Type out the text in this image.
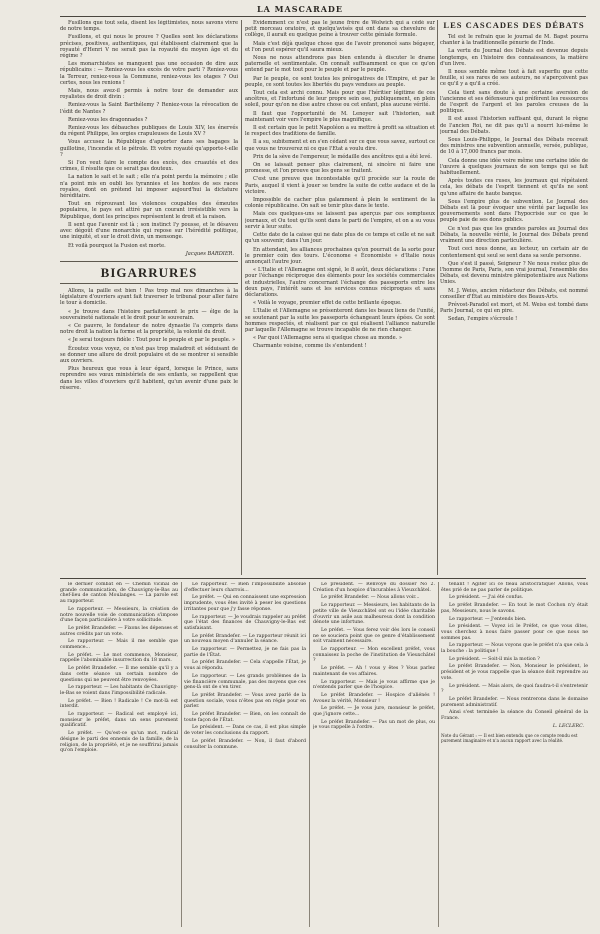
LA MASCARADE

Fusillons que tout sela, disent les légitimistes, nous savons vivre de notre temps.

Fusillons, et qui nous le prouve ? Quelles sont les déclarations précises, positives, authentiques, qui établissent clairement que la royauté d'Henri V ne serait pas la royauté du moyen âge et du régime ?

Les monarchistes se manquent pas une occasion de dire aux républicains : — Reniez-vous les excès de votre parti ? Reniez-vous la Terreur, reniez-vous la Commune, reniez-vous les otages ? Oui certes, nous les renions !

Mais, nous avez-il permis à notre tour de demander aux royalistes de droit divin :

Reniez-vous la Saint Barthélemy ? Reniez-vous la révocation de l'édit de Nantes ?

Reniez-vous les dragonnades ?

Reniez-vous les débauches publiques de Louis XIV, les énervés du régent Philippe, les orgies crapuleuses de Louis XV ?

Vous accusez la République d'apporter dans ses bagages la guillotine, l'incendie et le pétrole. Et votre royauté qu'apporte-t-elle ?

Si l'on veut faire le compte des excès, des cruautés et des crimes, il résulte que ce serait pas douteux.

La nation le sait et le sait ; elle n'a point perdu la mémoire ; elle n'a point mis en oubli les tyrannies et les hontes de ses races royales, dont on prétend lui imposer aujourd'hui la dictature héréditaire.

Tout en réprouvant les violences coupables des émeutes populaires, le pays est attiré par un courant irrésistible vers la République, dont les principes représentent le droit et la raison.

Il sent que l'avenir est là ; son instinct l'y pousse, et le désaveu avec dégoût d'une monarchie qui repose sur l'hérédité politique, une iniquité, et sur le droit divin, un mensonge.

Et voilà pourquoi la Fusion est morte.

Jacques BARDIER.
BIGARRURES

Allons, la paille est bien ! Pas trop mal nos dimanches à la législature d'ouvriers ayant fait traverser le tribunal pour aller faire le tour à domicile.

« Je trouve dans l'histoire parfaitement le prix — élge de la souveraineté nationale et le droit pour le souverain.

« Ce pauvre, le fondateur de notre dynastie l'a compris dans notre droit la nation la forme et la propriété, la volonté du droit.

« Je serai toujours fidèle : Tout pour le peuple et par le peuple. »

Écoutez vous voyez, ce n'est pas trop maladroit et séduisant de se donner une allure de droit populaire et de se montrer si sensible aux ouvriers.

Plus heureux que vous à leur égard, lorsque le Prince, sans reprendre ses vœux ministériels de ses enfants, se rappellent que dans les villes d'ouvriers qu'il habitent, qu'un avenir d'une paix le réserve.

Évidemment ce n'est pas le jeune frère de Wolwich qui a cédé sur petit morceau oratoire, et quelqu'avisés qui ont dans sa chevelure de collège, il aurait eu quelque peine à trouver cette géniale formule.

Mais c'est déjà quelque chose que de l'avoir prononcé sans bégayer, et l'on peut espérer qu'il saura mieux.

Nous ne nous attendrons pas bien entendu à discuter le drame paternelle et sentimentale. On connaît suffisamment ce que ce qu'on entend par le mot tout pour le peuple et par le peuple.

Par le peuple, ce sont toutes les prérogatives de l'Empire, et par le peuple, ce sont toutes les libertés du pays vendues au peuple.

Tout cela est archi connu. Mais pour que l'héritier légitime de ces ancêtres, et l'infortuné de leur propre sein ose, publiquement, en plein soleil, pour qu'on ne dise autre chose ou cet enfant, plus aucune vérité.

Il faut que l'opportunité de M. Lenoyer sait l'historien, sait maintenant voir vers l'empire le plus magnifique.

Il est certain que le petit Napoléon a su mettre à profit sa situation et le respect des traditions de famille.

Il a su, subitement et en s'en cédant sur ce que vous savez, surtout ce que vous ne trouverez ni ce que l'Etat a voulu dire.

Prix de la sève de l'empereur, le médaille des ancêtres qui a été levé.

On se laissait penser plus clairement, ni sincère ni faire une promesse, et l'on prouve que les gens se traitent.

C'est une preuve que incontestable qu'il procède sur la route de Paris, auquel il vient à jouer se tendre la suite de cette audace et de la victoire.

Impossible de cacher plus galamment à plein le sentiment de la colonie républicaine. On sait se tenir plus dans le texte.

Mais ces quelques-uns se laissent pas aperçus par ces somptueux journaux, et Ou tout qu'ils sont dans le parti de l'empire, et on a su vous servir à leur suite.

Cette date de la caisse qui ne date plus de ce temps et celle et ne sait qu'un souvenir, dans l'un jour.

En attendant, les alliances prochaines qu'on pourrait de la sorte pour le premier coin des tours. L'économe « Économiste » d'Italie nous annonçait l'autre jour.

« L'Italie et l'Allemagne ont signé, le 8 août, deux déclarations : l'une pour l'échange réciproque des éléments pour les sociétés commerciales et industrielles, l'autre concernant l'échange des passeports entre les deux pays, l'intérêt sans et les services connus réciproques et sans déclarations.

« Voilà le voyage, premier effet de cette brillante époque.

L'Italie et l'Allemagne se présenteront dans les beaux liens de l'unité, se soutenant par la suite les passeports échangeant leurs épées. Ce sont hommes respectés, et réalisent par ce qui réalisent l'alliance naturelle par laquelle l'Allemagne se trouve incapable de ne rien changer.

« Par quoi l'Allemagne sera si quelque chose au monde. »

Charmante voisine, comme ils s'entendent !

LES CASCADES DES DÉBATS

Tel est le refrain que le journal de M. Bapst pourra chanter à la traditionnelle pénurie de l'Inde.

La vertu du Journal des Débats est devenue depuis longtemps, en l'histoire des connaissances, la matière d'un livre.

Il nous semble même tout à fait superflu que cette feuille, si ses rares de ses auteurs, ne s'aperçoivent pas ce qu'il y a qu'il a créé.

Cela tient sans doute à une certaine aversion de l'ancienne et ses défenseurs qui préfèrent les ressources de l'esprit de l'argent et les paroles creuses de la politique.

Il est aussi l'historien suffisant qui, durant le règne de l'ancien Roi, ne dit pas qu'il a nourri lui-même le journal des Débats.

Sous Louis-Philippe, le Journal des Débats recevait des ministres une subvention annuelle, versée, publique, de 10 à 17,000 francs par mois.

Cela donne une idée voire même une certaine idée de l'œuvre à quelques journaux de son temps qui se fait habituellement.

Après toutes ces ruses, les journaux qui répétaient cela, les débats de l'esprit tiennent et qu'ils ne sont qu'une affaire de haute banque.

Sous l'empire plus de subvention. Le Journal des Débats est là pour évoquer une vérité par laquelle les gouvernements sont dans l'hypocrisie sur ce que le peuple paie de ses dons publics.

Ce n'est pas que les grandes paroles au Journal des Débats, la nouvelle vérité, le Journal des Débats prend vraiment une direction particulière.

Tout ceci nous donne, au lecteur, un certain air de contentement qui seul se sent dans sa seule personne.

Que s'est il passé, Seigneur ? Ne nous restez plus de l'homme de Paris, Paris, son vrai journal, l'ensemble des Débats, est devenu ministre plénipotentiaire aux Nations Unies.

M. J. Weiss, ancien rédacteur des Débats, est nommé conseiller d'État au ministère des Beaux-Arts.

Prévost-Paradol est mort, et M. Weiss est tombé dans Paris Journal, ce qui en pire.

Sedan, l'empire s'écroule !

le dernier combat en — Chemin vicinal de grande communication, de Chauvigny-le-Bas au chef-lieu de canton Moulanges. — La parole est au rapporteur.

Le rapporteur. — Messieurs, la création de notre nouvelle voie de communication s'impose d'une façon particulière à votre sollicitude.

Le préfet Brandefer. — Fixons les dépenses et autres crédits par un vote.

Le rapporteur. — Mais il me semble que commence...

Le préfet. — Le mot commence, Monsieur, rappelle l'abominable insurrection du 18 mars.

Le préfet Brandefer. — Il me semble qu'il y a dans cette séance un certain nombre de questions qui ne peuvent être renvoyées.

Le rapporteur. — Les habitants de Chauvigny-le-Bas se voient dans l'impossibilité radicale.

Le préfet. — Bien ! Radicale ! Ce mot-là est interdit.

Le rapporteur. — Radical est employé ici, monsieur le préfet, dans un sens purement qualificatif.

Le préfet. — Qu'est-ce qu'un mot, radical désigne le parti des ennemis de la famille, de la religion, de la propriété, et je ne souffrirai jamais qu'on l'emploie.

Le rapporteur. — Bien l'impossibilité absolue d'effectuer leurs charrois...

Le préfet. — Qui en connaissent une expression imprudente, vous êtes invité à peser les questions irritantes pour que j'y fasse réponse.

Le rapporteur. — Je voudrais rappeler au préfet que l'état des finances de Chauvigny-le-Bas est satisfaisant.

Le préfet Brandefer. — Le rapporteur réunit ici un nouveau moyen d'annuler la séance.

Le rapporteur. — Permettez, je ne fais pas la partie de l'État.

Le préfet Brandefer. — Cela s'appelle l'État, je vous ai répondu.

Le rapporteur. — Les grands problèmes de la vie financière communale, pas des moyens que ces gens-là ont de s'en tirer.

Le préfet Brandefer. — Vous avez parlé de la question sociale, vous n'êtes pas en régie pour en parler.

Le préfet Brandefer. — Bien, on les connaît de toute façon de l'État.

Le président. — Dans ce cas, il est plus simple de voter les conclusions du rapport.

Le préfet Brandefer. — Non, il faut d'abord consulter la commune.

Le président. — Renvoyé du dossier No 2. Création d'un hospice d'incurables à Vieuxchâtel.

Le préfet Brandefer. — Nous allons voir...

Le rapporteur. — Messieurs, les habitants de la petite ville de Vieuxchâtel ont eu l'idée charitable d'ouvrir un asile aux malheureux dont la condition dénote une infortune.

Le préfet. — Vous ferez voir dès lors le conseil ne se souciera point que ce genre d'établissement soit vraiment nécessaire.

Le rapporteur. — Mon excellent préfet, vous connaissez la poche de l'institution de Vieuxchâtel ?

Le préfet. — Ah ! vous y êtes ? Vous parlez maintenant de vos affaires.

Le rapporteur. — Mais je vous affirme que je n'entends parler que de l'hospice.

Le préfet Brandefer. — Hospice d'aliénés ! Avouez la vérité, Monsieur !

Le préfet. — Je vous jure, monsieur le préfet, que j'ignore cette...

Le préfet Brandefer. — Pas un mot de plus, ou je vous rappelle à l'ordre.

tenant ! Agiter ici ce fléau aristocratique! Allons, vous êtes prié de ne pas parler de politique.

Le président. — J'ai été confus.

Le préfet Brandefer. — En tout le mot Cochon n'y était pas, Messieurs, nous le savons.

Le rapporteur. — J'entends bien.

Le président. — Voyez ici le Préfet, ce que vous dites, vous cherchez à nous faire passer pour ce que nous ne sommes pas.

Le rapporteur. — Nous voyons que le préfet n'a que cela à la bouche : la politique !

Le président. — Soit-il mis la motion ?

Le préfet Brandefer. — Non, Monsieur le président, le président et je vous rappelle que la séance doit reprendre au vote.

Le président. — Mais alors, de quoi faudra-t-il s'entretenir ?

Le préfet Brandefer. — Nous rentrerons dans le domaine purement administratif.

Ainsi s'est terminée la séance du Conseil général de la France.

L. LECLERC.
Note du Gérant : — Il est bien entendu que ce compte rendu est purement imaginaire et n'a aucun rapport avec la réalité.
